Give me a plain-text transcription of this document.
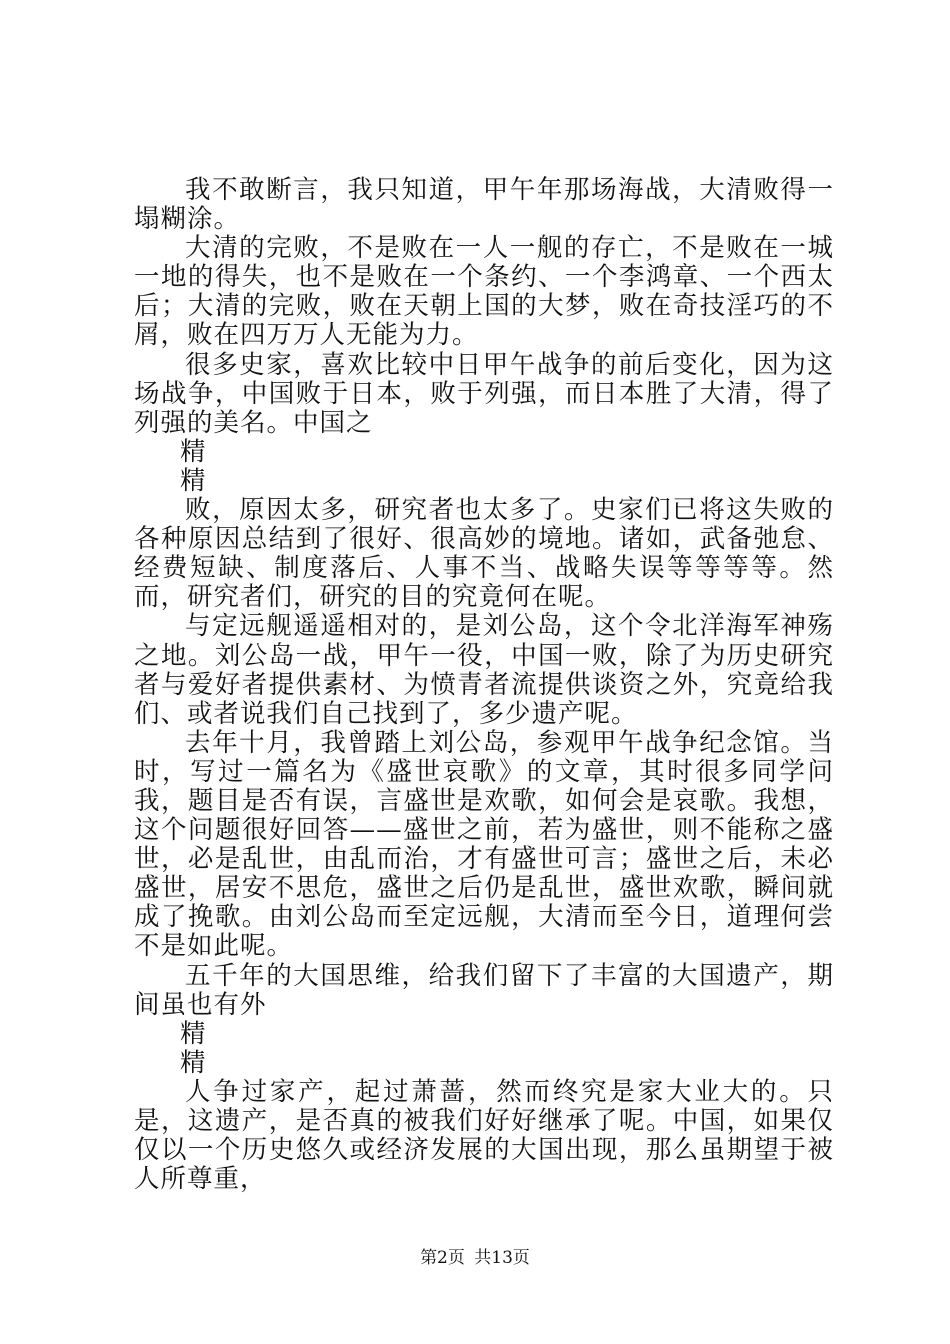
我不敢断言，我只知道，甲午年那场海战，大清败得一塌糊涂。

大清的完败，不是败在一人一舰的存亡，不是败在一城一地的得失，也不是败在一个条约、一个李鸿章、一个西太后；大清的完败，败在天朝上国的大梦，败在奇技淫巧的不屑，败在四万万人无能为力。

很多史家，喜欢比较中日甲午战争的前后变化，因为这场战争，中国败于日本，败于列强，而日本胜了大清，得了列强的美名。中国之

精

精

败，原因太多，研究者也太多了。史家们已将这失败的各种原因总结到了很好、很高妙的境地。诸如，武备弛怠、经费短缺、制度落后、人事不当、战略失误等等等等。然而，研究者们，研究的目的究竟何在呢。

与定远舰遥遥相对的，是刘公岛，这个令北洋海军神殇之地。刘公岛一战，甲午一役，中国一败，除了为历史研究者与爱好者提供素材、为愤青者流提供谈资之外，究竟给我们、或者说我们自己找到了，多少遗产呢。

去年十月，我曾踏上刘公岛，参观甲午战争纪念馆。当时，写过一篇名为《盛世哀歌》的文章，其时很多同学问我，题目是否有误，言盛世是欢歌，如何会是哀歌。我想，这个问题很好回答——盛世之前，若为盛世，则不能称之盛世，必是乱世，由乱而治，才有盛世可言；盛世之后，未必盛世，居安不思危，盛世之后仍是乱世，盛世欢歌，瞬间就成了挽歌。由刘公岛而至定远舰，大清而至今日，道理何尝不是如此呢。

五千年的大国思维，给我们留下了丰富的大国遗产，期间虽也有外

精

精

人争过家产，起过萧蔷，然而终究是家大业大的。只是，这遗产，是否真的被我们好好继承了呢。中国，如果仅仅以一个历史悠久或经济发展的大国出现，那么虽期望于被人所尊重，

第2页 共13页
